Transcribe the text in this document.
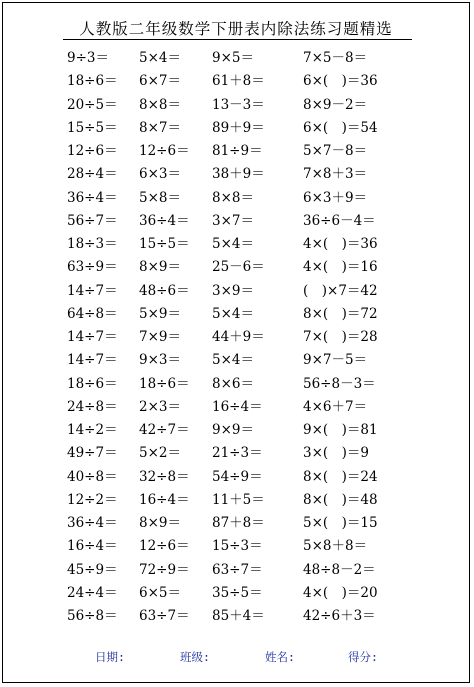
人教版二年级数学下册表内除法练习题精选
9÷3＝	5×4＝	9×5＝	7×5－8＝
18÷6＝	6×7＝	61＋8＝	6×(　)＝36
20÷5＝	8×8＝	13－3＝	8×9－2＝
15÷5＝	8×7＝	89＋9＝	6×(　)＝54
12÷6＝	12÷6＝	81÷9＝	5×7－8＝
28÷4＝	6×3＝	38＋9＝	7×8＋3＝
36÷4＝	5×8＝	8×8＝	6×3＋9＝
56÷7＝	36÷4＝	3×7＝	36÷6－4＝
18÷3＝	15÷5＝	5×4＝	4×(　)＝36
63÷9＝	8×9＝	25－6＝	4×(　)＝16
14÷7＝	48÷6＝	3×9＝	(　)×7＝42
64÷8＝	5×9＝	5×4＝	8×(　)＝72
14÷7＝	7×9＝	44＋9＝	7×(　)＝28
14÷7＝	9×3＝	5×4＝	9×7－5＝
18÷6＝	18÷6＝	8×6＝	56÷8－3＝
24÷8＝	2×3＝	16÷4＝	4×6＋7＝
14÷2＝	42÷7＝	9×9＝	9×(　)＝81
49÷7＝	5×2＝	21÷3＝	3×(　)＝9
40÷8＝	32÷8＝	54÷9＝	8×(　)＝24
12÷2＝	16÷4＝	11＋5＝	8×(　)＝48
36÷4＝	8×9＝	87＋8＝	5×(　)＝15
16÷4＝	12÷6＝	15÷3＝	5×8＋8＝
45÷9＝	72÷9＝	63÷7＝	48÷8－2＝
24÷4＝	6×5＝	35÷5＝	4×(　)＝20
56÷8＝	63÷7＝	85＋4＝	42÷6＋3＝
日期:	班级:	姓名:	得分:
